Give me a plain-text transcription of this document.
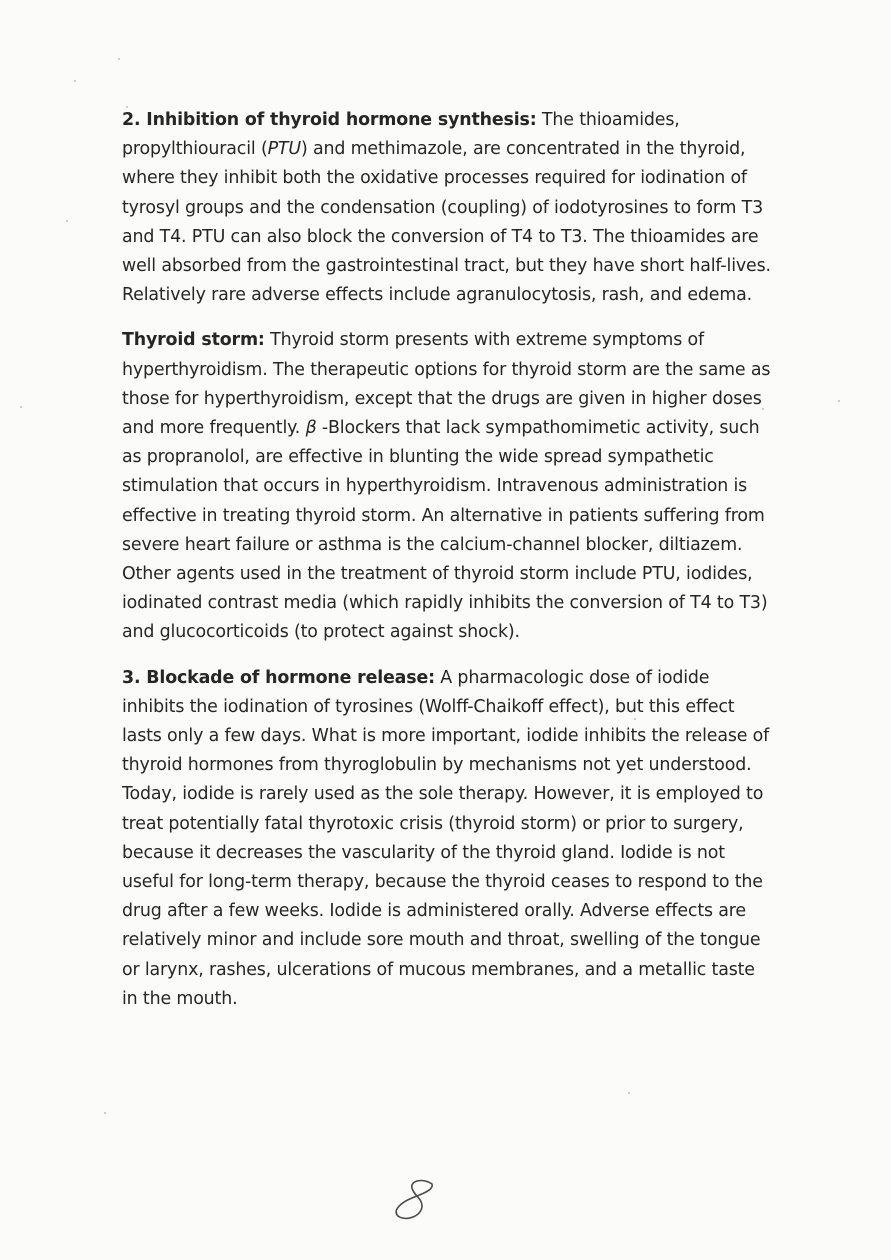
2. Inhibition of thyroid hormone synthesis: The thioamides, propylthiouracil (PTU) and methimazole, are concentrated in the thyroid, where they inhibit both the oxidative processes required for iodination of tyrosyl groups and the condensation (coupling) of iodotyrosines to form T3 and T4. PTU can also block the conversion of T4 to T3. The thioamides are well absorbed from the gastrointestinal tract, but they have short half-lives. Relatively rare adverse effects include agranulocytosis, rash, and edema.

Thyroid storm: Thyroid storm presents with extreme symptoms of hyperthyroidism. The therapeutic options for thyroid storm are the same as those for hyperthyroidism, except that the drugs are given in higher doses and more frequently. β -Blockers that lack sympathomimetic activity, such as propranolol, are effective in blunting the wide spread sympathetic stimulation that occurs in hyperthyroidism. Intravenous administration is effective in treating thyroid storm. An alternative in patients suffering from severe heart failure or asthma is the calcium-channel blocker, diltiazem. Other agents used in the treatment of thyroid storm include PTU, iodides, iodinated contrast media (which rapidly inhibits the conversion of T4 to T3) and glucocorticoids (to protect against shock).

3. Blockade of hormone release: A pharmacologic dose of iodide inhibits the iodination of tyrosines (Wolff-Chaikoff effect), but this effect lasts only a few days. What is more important, iodide inhibits the release of thyroid hormones from thyroglobulin by mechanisms not yet understood. Today, iodide is rarely used as the sole therapy. However, it is employed to treat potentially fatal thyrotoxic crisis (thyroid storm) or prior to surgery, because it decreases the vascularity of the thyroid gland. Iodide is not useful for long-term therapy, because the thyroid ceases to respond to the drug after a few weeks. Iodide is administered orally. Adverse effects are relatively minor and include sore mouth and throat, swelling of the tongue or larynx, rashes, ulcerations of mucous membranes, and a metallic taste in the mouth.
